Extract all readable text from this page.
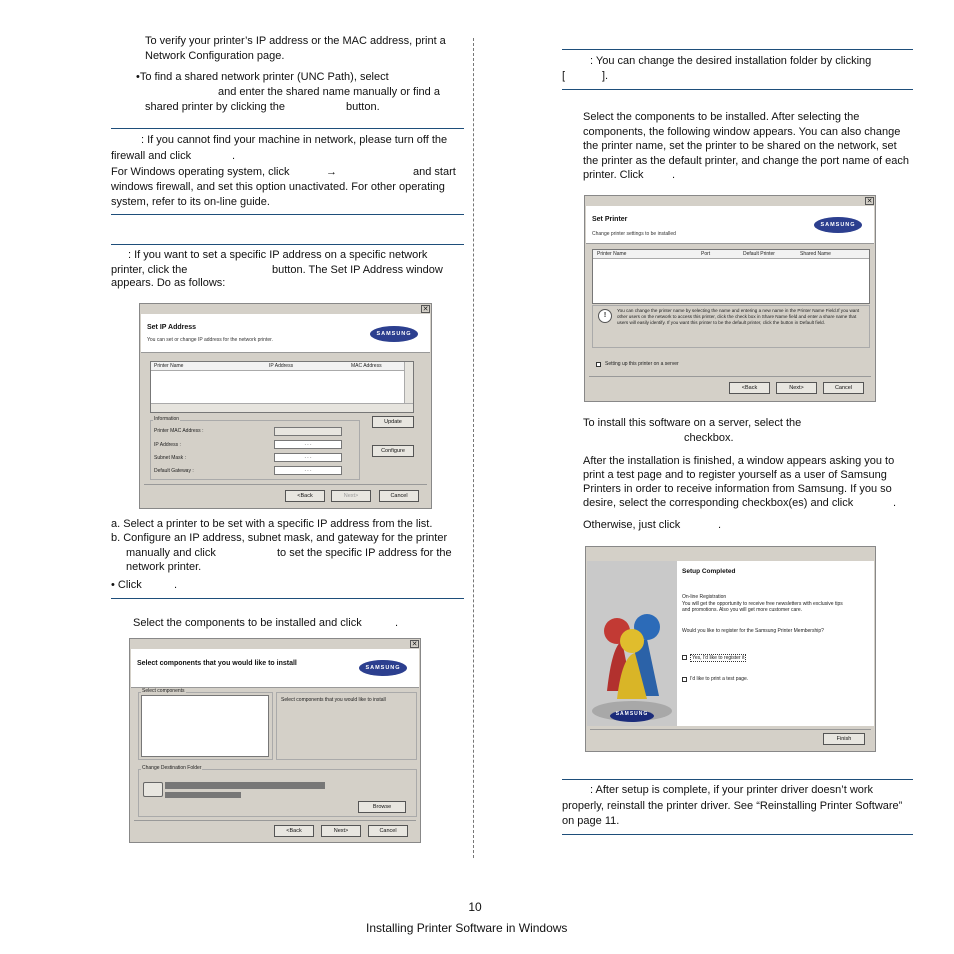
To verify your printer’s IP address or the MAC address, print a
Network Configuration page.
•To find a shared network printer (UNC Path), select
and enter the shared name manually or find a
shared printer by clicking the	button.
: If you cannot find your machine in network, please turn off the
firewall and click	.
For Windows operating system, click	→	and start
windows firewall, and set this option unactivated. For other operating
system, refer to its on-line guide.
: If you want to set a specific IP address on a specific network
printer, click the	button. The Set IP Address window
appears. Do as follows:
✕
Set IP Address
You can set or change IP address for the network printer.
SAMSUNG
Printer Name	IP Address	MAC Address
Information
Printer MAC Address :
IP Address :
Subnet Mask :
Default Gateway :
. . .
. . .
. . .
Update
Configure
<Back	Next>	Cancel
a. Select a printer to be set with a specific IP address from the list.
b. Configure an IP address, subnet mask, and gateway for the printer
manually and click	to set the specific IP address for the
network printer.
• Click	.
Select the components to be installed and click	.
✕
Select components that you would like to install
SAMSUNG
Select components
Select components that you would like to install
Change Destination Folder
Browse
<Back	Next>	Cancel
: You can change the desired installation folder by clicking
[	].
Select the components to be installed. After selecting the
components, the following window appears. You can also change
the printer name, set the printer to be shared on the network, set
the printer as the default printer, and change the port name of each
printer. Click	.
✕
Set Printer
Change printer settings to be installed
SAMSUNG
Printer Name	Port	Default Printer	Shared Name
!
You can change the printer name by selecting the name and entering a new name in the Printer Name Field.If you want other users on the network to access this printer, click the check box in Share Name field and enter a share name that users will easily identify. If you want this printer to be the default printer, click the button in Default field.
Setting up this printer on a server
<Back	Next>	Cancel
To install this software on a server, select the
checkbox.
After the installation is finished, a window appears asking you to
print a test page and to register yourself as a user of Samsung
Printers in order to receive information from Samsung. If you so
desire, select the corresponding checkbox(es) and click	.
Otherwise, just click	.
SAMSUNG
Setup Completed
On-line Registration
You will get the opportunity to receive free newsletters with exclusive tips
and promotions. Also you will get more customer care.
Would you like to register for the Samsung Printer Membership?
Yes, I'd like to register it
I'd like to print a test page.
Finish
: After setup is complete, if your printer driver doesn’t work
properly, reinstall the printer driver. See “Reinstalling Printer Software”
on page 11.
10
Installing Printer Software in Windows
